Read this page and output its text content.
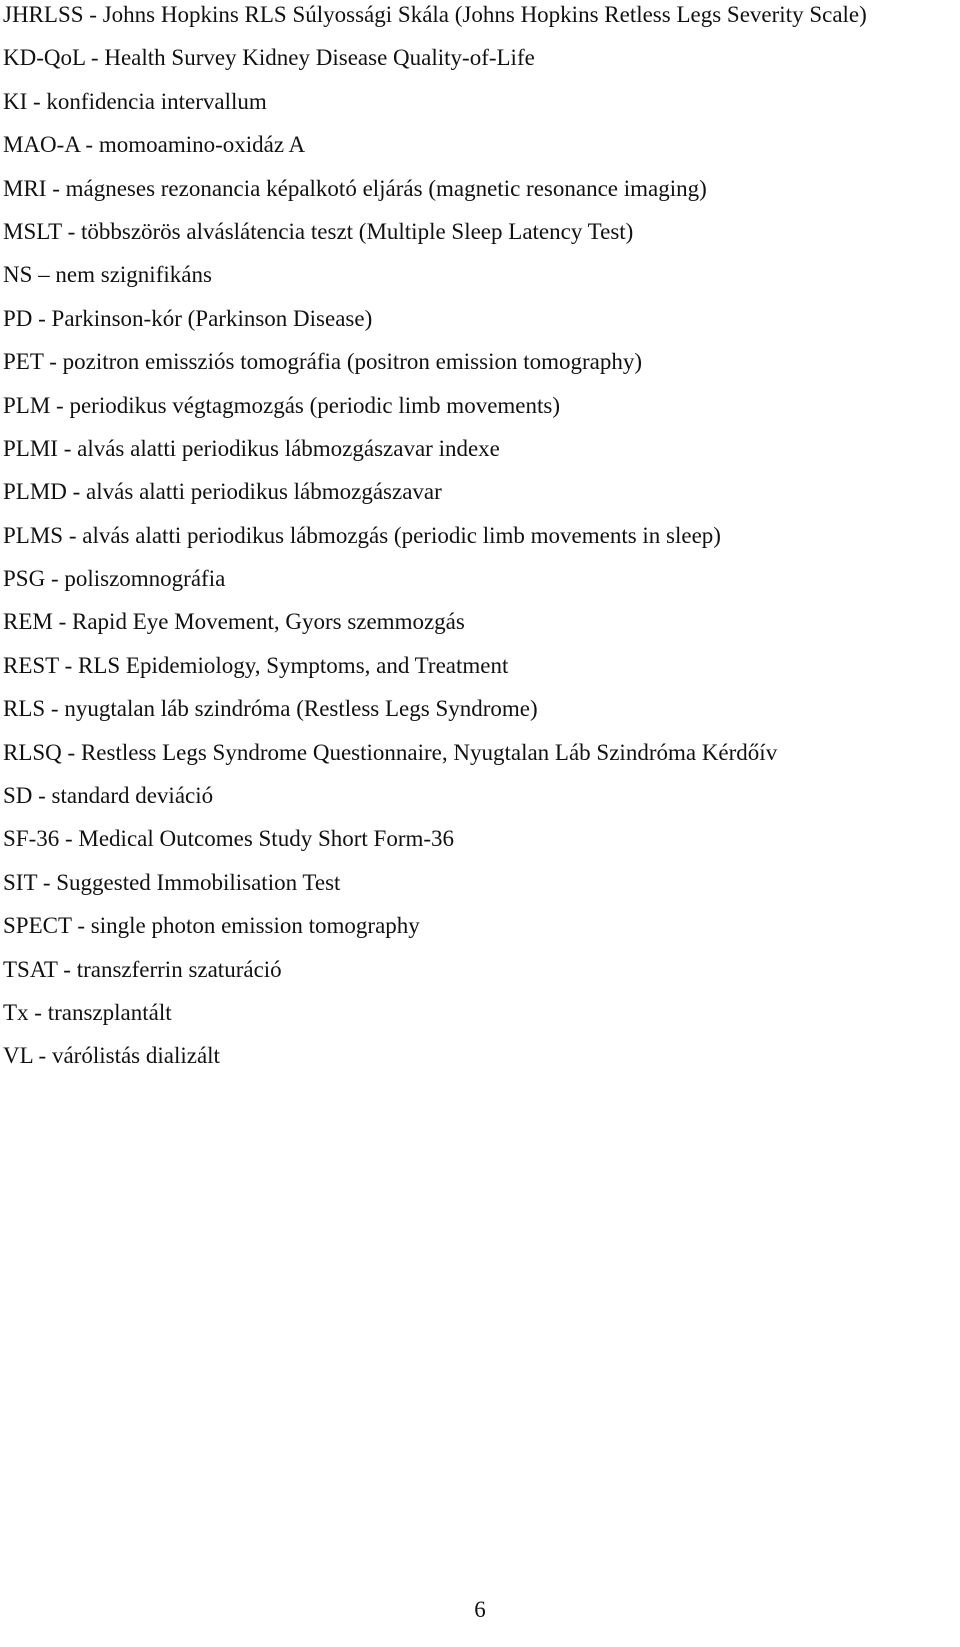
JHRLSS - Johns Hopkins RLS Súlyossági Skála (Johns Hopkins Retless Legs Severity Scale)
KD-QoL - Health Survey Kidney Disease Quality-of-Life
KI - konfidencia intervallum
MAO-A - momoamino-oxidáz A
MRI - mágneses rezonancia képalkotó eljárás (magnetic resonance imaging)
MSLT - többszörös alváslátencia teszt (Multiple Sleep Latency Test)
NS – nem szignifikáns
PD - Parkinson-kór (Parkinson Disease)
PET - pozitron emissziós tomográfia (positron emission tomography)
PLM - periodikus végtagmozgás (periodic limb movements)
PLMI - alvás alatti periodikus lábmozgászavar indexe
PLMD - alvás alatti periodikus lábmozgászavar
PLMS - alvás alatti periodikus lábmozgás (periodic limb movements in sleep)
PSG - poliszomnográfia
REM - Rapid Eye Movement, Gyors szemmozgás
REST - RLS Epidemiology, Symptoms, and Treatment
RLS - nyugtalan láb szindróma (Restless Legs Syndrome)
RLSQ - Restless Legs Syndrome Questionnaire, Nyugtalan Láb Szindróma Kérdőív
SD - standard deviáció
SF-36 - Medical Outcomes Study Short Form-36
SIT - Suggested Immobilisation Test
SPECT - single photon emission tomography
TSAT - transzferrin szaturáció
Tx - transzplantált
VL - várólistás dializált

6
